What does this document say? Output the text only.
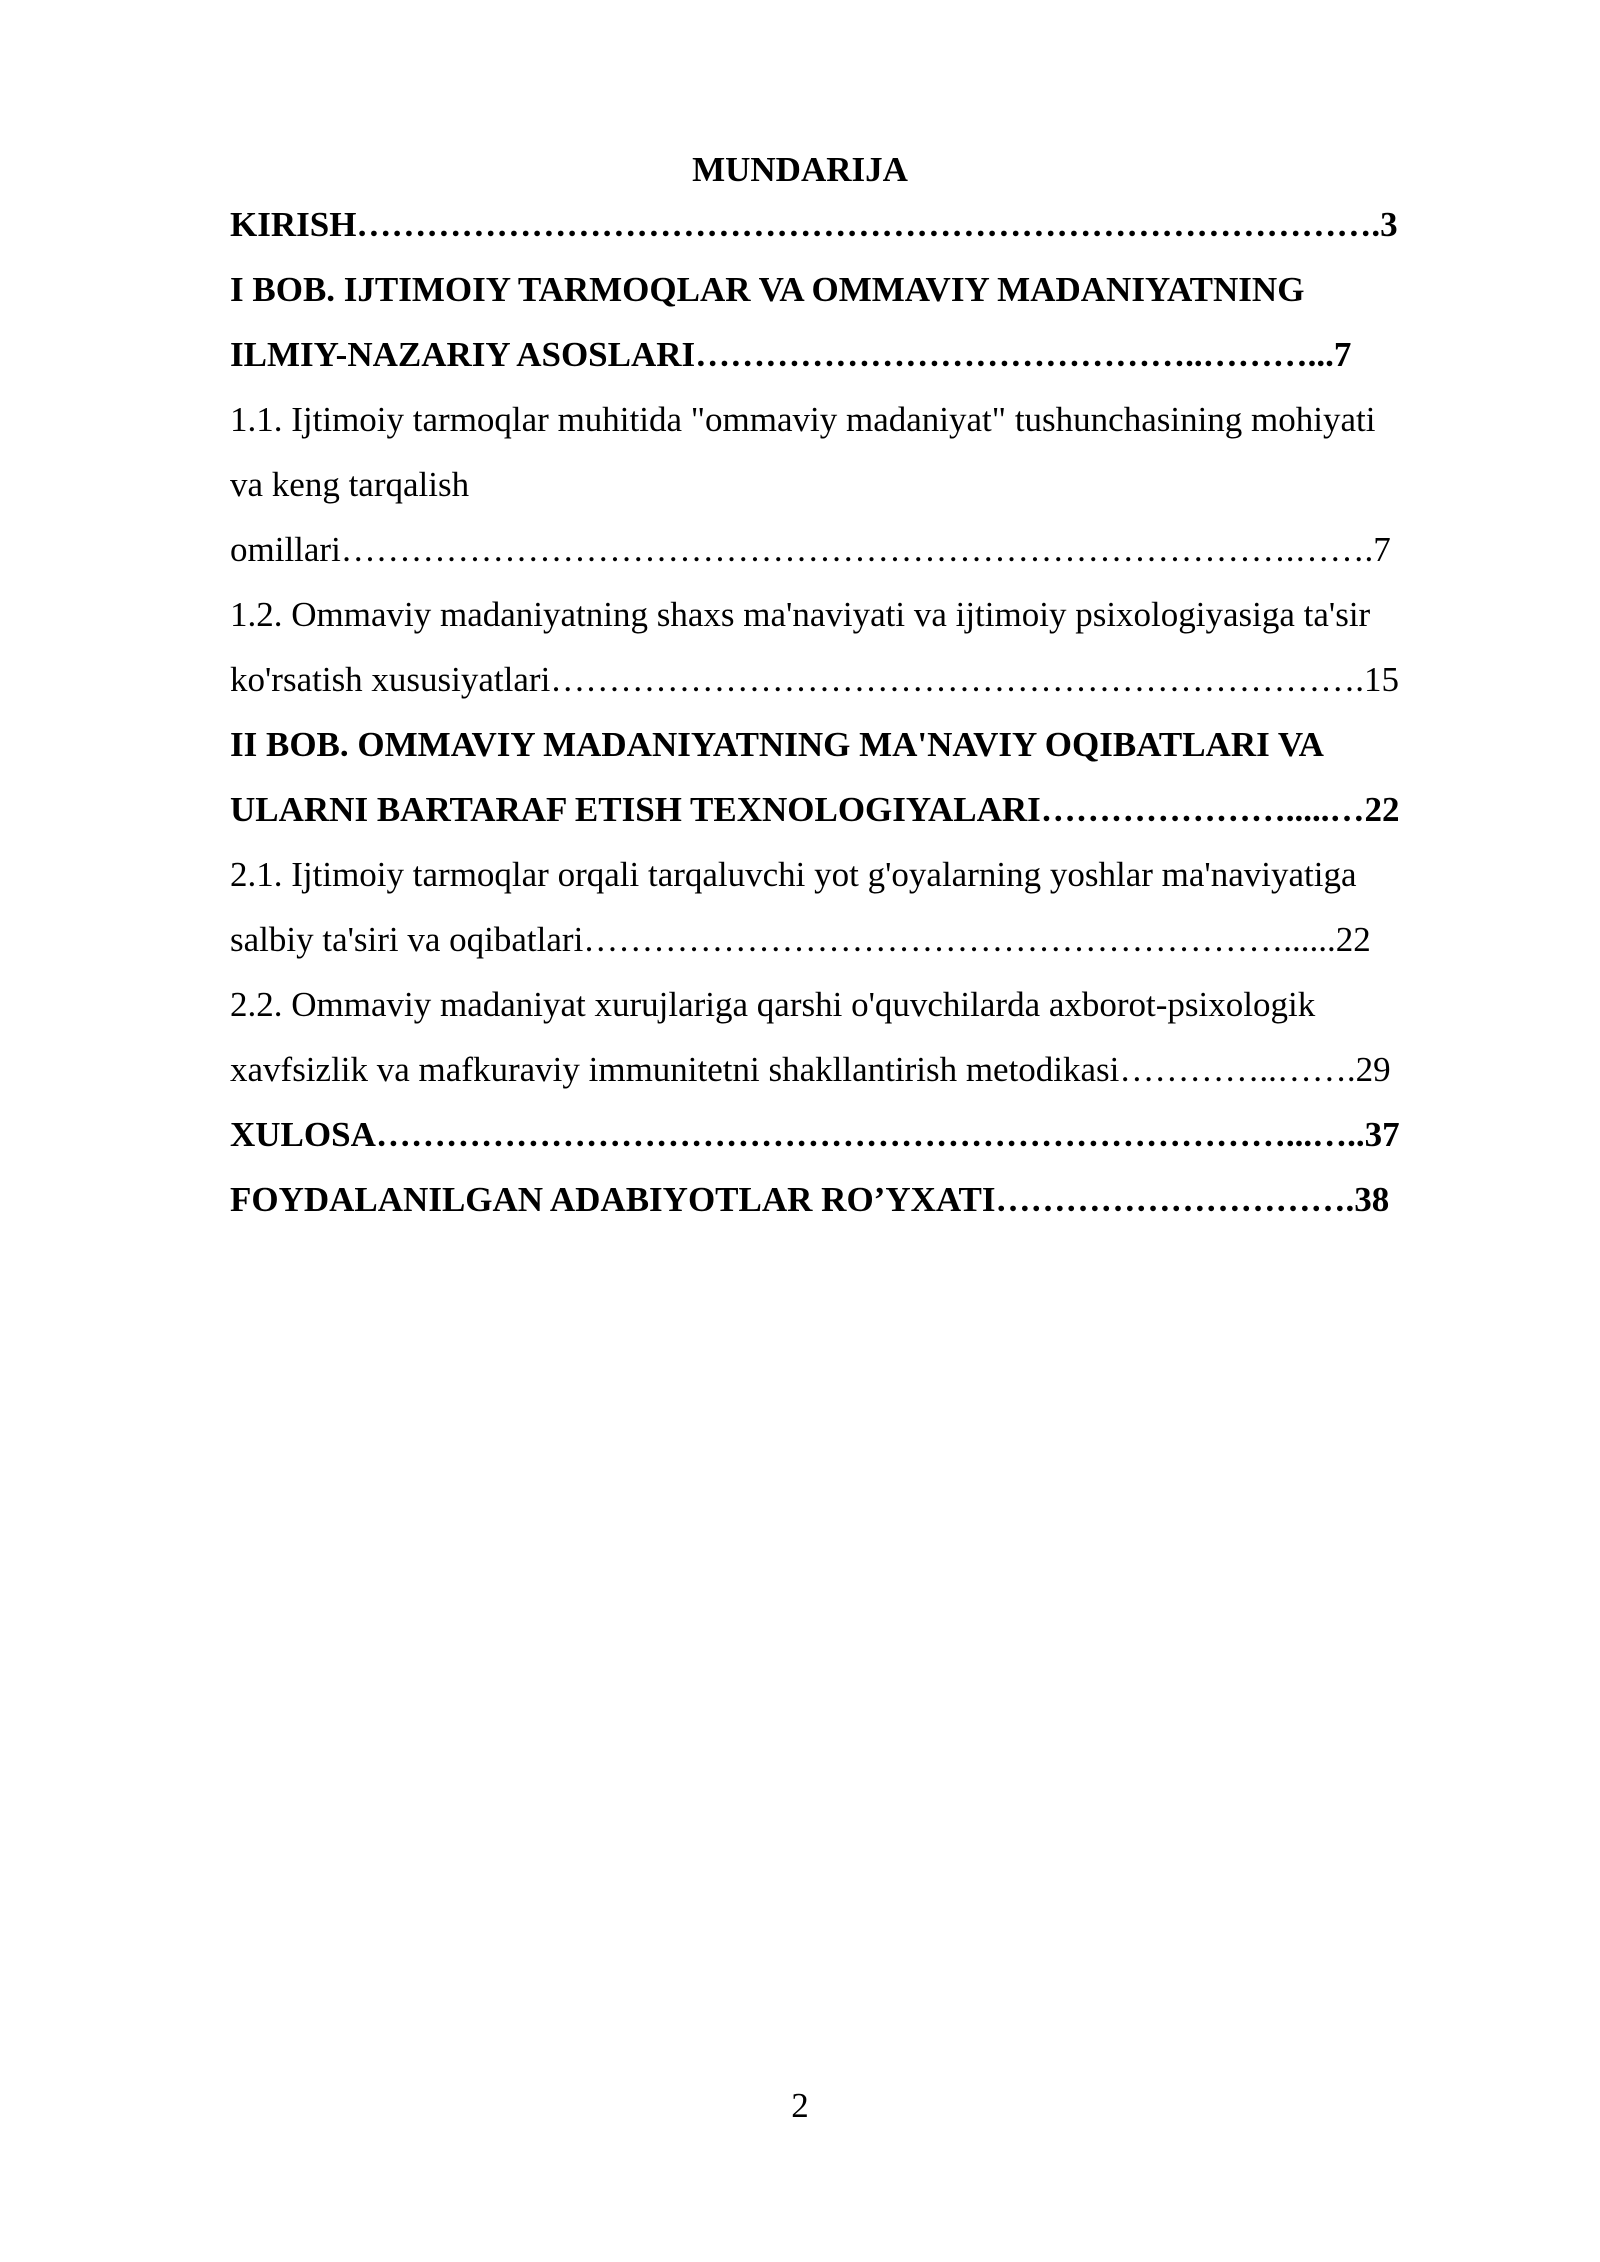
MUNDARIJA
KIRISH…………………………………………………………………………….3
I BOB. IJTIMOIY TARMOQLAR VA OMMAVIY MADANIYATNING
ILMIY-NAZARIY ASOSLARI……………………………………..………...7
1.1. Ijtimoiy tarmoqlar muhitida "ommaviy madaniyat" tushunchasining mohiyati
va keng tarqalish
omillari……………………………………………………………………….…….7
1.2. Ommaviy madaniyatning shaxs ma'naviyati va ijtimoiy psixologiyasiga ta'sir
ko'rsatish xususiyatlari…………………………………………………………….15
II BOB. OMMAVIY MADANIYATNING MA'NAVIY OQIBATLARI VA
ULARNI BARTARAF ETISH TEXNOLOGIYALARI………………….....…22
2.1. Ijtimoiy tarmoqlar orqali tarqaluvchi yot g'oyalarning yoshlar ma'naviyatiga
salbiy ta'siri va oqibatlari……………………………………………………......22
2.2. Ommaviy madaniyat xurujlariga qarshi o'quvchilarda axborot-psixologik
xavfsizlik va mafkuraviy immunitetni shakllantirish metodikasi…………..…….29
XULOSA……………………………………………………………………...…..37
FOYDALANILGAN ADABIYOTLAR RO’YXATI………………………….38
2
